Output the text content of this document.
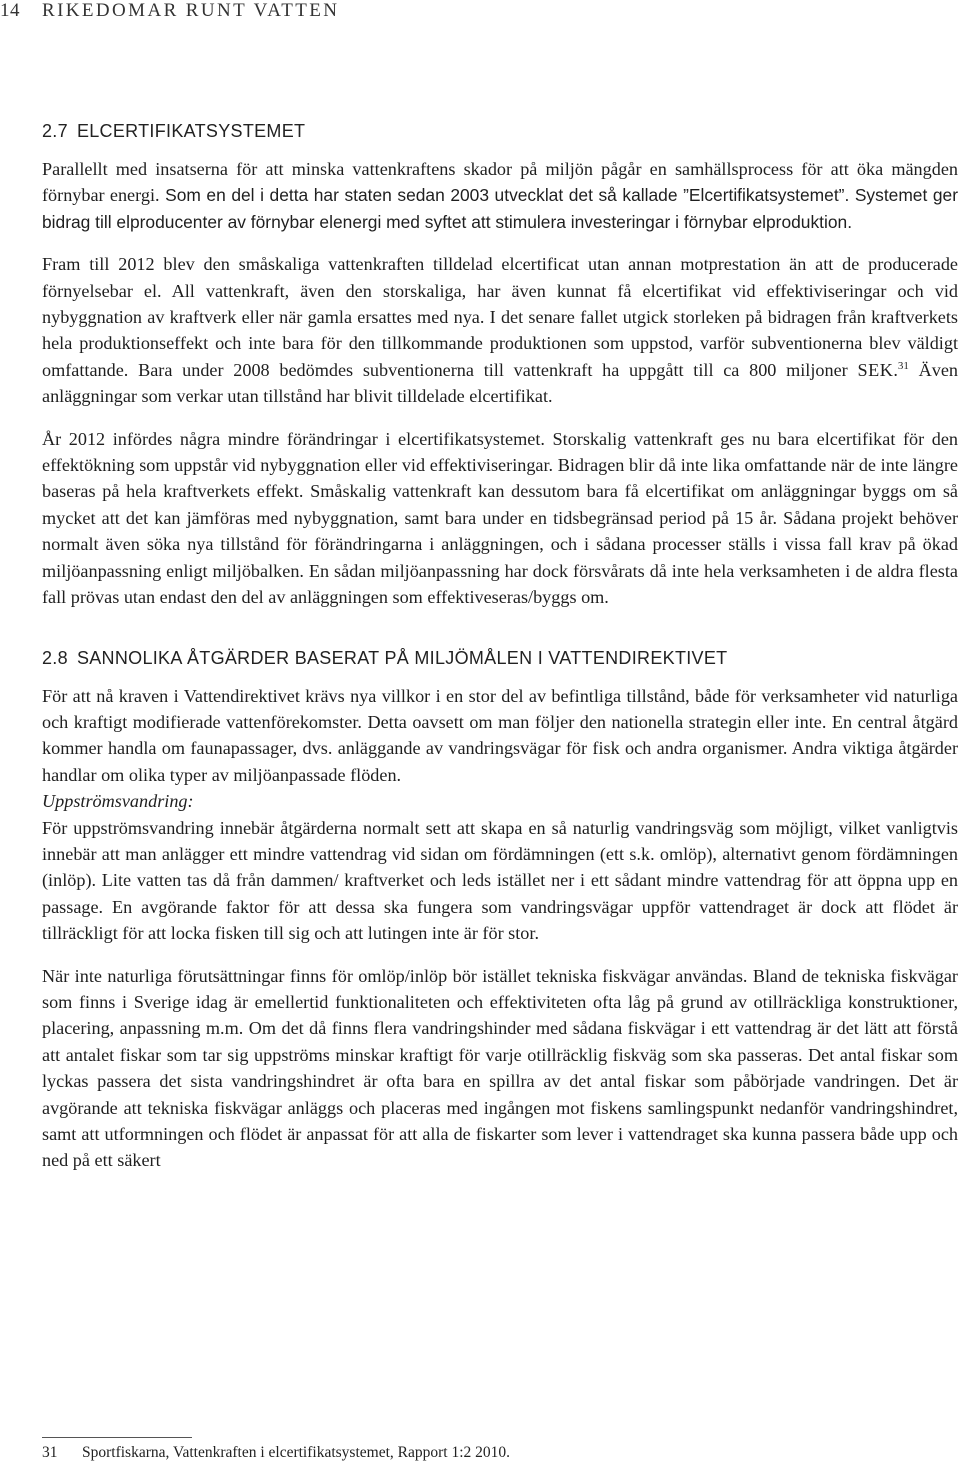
14 RIKEDOMAR RUNT VATTEN
2.7 ELCERTIFIKATSYSTEMET

Parallellt med insatserna för att minska vattenkraftens skador på miljön pågår en samhällsprocess för att öka mängden förnybar energi. Som en del i detta har staten sedan 2003 utvecklat det så kallade ”Elcertifikatsystemet”. Systemet ger bidrag till elproducenter av förnybar elenergi med syftet att stimulera investeringar i förnybar elproduktion.

Fram till 2012 blev den småskaliga vattenkraften tilldelad elcertificat utan annan motprestation än att de producerade förnyelsebar el. All vattenkraft, även den storskaliga, har även kunnat få elcertifikat vid effektiviseringar och vid nybyggnation av kraftverk eller när gamla ersattes med nya. I det senare fallet utgick storleken på bidragen från kraftverkets hela produktionseffekt och inte bara för den tillkommande produktionen som uppstod, varför subventionerna blev väldigt omfattande. Bara under 2008 bedömdes subventionerna till vattenkraft ha uppgått till ca 800 miljoner SEK.$^{31}$ Även anläggningar som verkar utan tillstånd har blivit tilldelade elcertifikat.

År 2012 infördes några mindre förändringar i elcertifikatsystemet. Storskalig vattenkraft ges nu bara elcertifikat för den effektökning som uppstår vid nybyggnation eller vid effektiviseringar. Bidragen blir då inte lika omfattande när de inte längre baseras på hela kraftverkets effekt. Småskalig vattenkraft kan dessutom bara få elcertifikat om anläggningar byggs om så mycket att det kan jämföras med nybyggnation, samt bara under en tidsbegränsad period på 15 år. Sådana projekt behöver normalt även söka nya tillstånd för förändringarna i anläggningen, och i sådana processer ställs i vissa fall krav på ökad miljöanpassning enligt miljöbalken. En sådan miljöanpassning har dock försvårats då inte hela verksamheten i de aldra flesta fall prövas utan endast den del av anläggningen som effektiveseras/byggs om.

2.8 SANNOLIKA ÅTGÄRDER BASERAT PÅ MILJÖMÅLEN I VATTENDIREKTIVET

För att nå kraven i Vattendirektivet krävs nya villkor i en stor del av befintliga tillstånd, både för verksamheter vid naturliga och kraftigt modifierade vattenförekomster. Detta oavsett om man följer den nationella strategin eller inte. En central åtgärd kommer handla om faunapassager, dvs. anläggande av vandringsvägar för fisk och andra organismer. Andra viktiga åtgärder handlar om olika typer av miljöanpassade flöden.

Uppströmsvandring:

För uppströmsvandring innebär åtgärderna normalt sett att skapa en så naturlig vandringsväg som möjligt, vilket vanligtvis innebär att man anlägger ett mindre vattendrag vid sidan om fördämningen (ett s.k. omlöp), alternativt genom fördämningen (inlöp). Lite vatten tas då från dammen/ kraftverket och leds istället ner i ett sådant mindre vattendrag för att öppna upp en passage. En avgörande faktor för att dessa ska fungera som vandringsvägar uppför vattendraget är dock att flödet är tillräckligt för att locka fisken till sig och att lutingen inte är för stor.

När inte naturliga förutsättningar finns för omlöp/inlöp bör istället tekniska fiskvägar användas. Bland de tekniska fiskvägar som finns i Sverige idag är emellertid funktionaliteten och effektiviteten ofta låg på grund av otillräckliga konstruktioner, placering, anpassning m.m. Om det då finns flera vandringshinder med sådana fiskvägar i ett vattendrag är det lätt att förstå att antalet fiskar som tar sig uppströms minskar kraftigt för varje otillräcklig fiskväg som ska passeras. Det antal fiskar som lyckas passera det sista vandringshindret är ofta bara en spillra av det antal fiskar som påbörjade vandringen. Det är avgörande att tekniska fiskvägar anläggs och placeras med ingången mot fiskens samlingspunkt nedanför vandringshindret, samt att utformningen och flödet är anpassat för att alla de fiskarter som lever i vattendraget ska kunna passera både upp och ned på ett säkert

31 Sportfiskarna, Vattenkraften i elcertifikatsystemet, Rapport 1:2 2010.
